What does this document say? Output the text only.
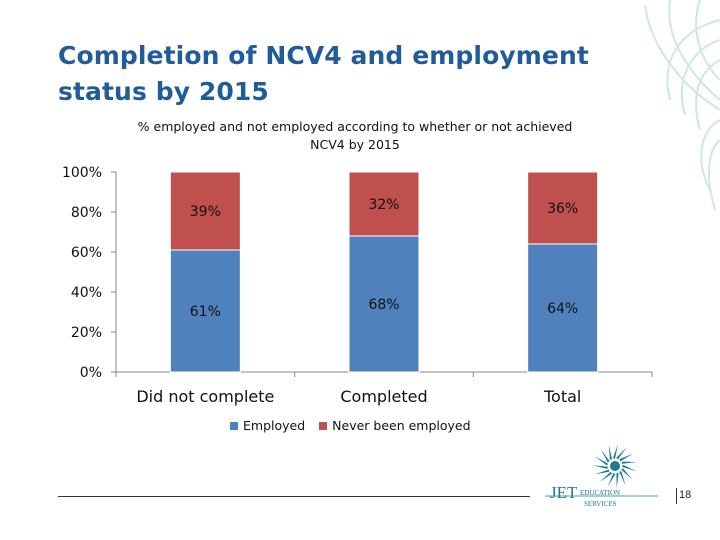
Completion of NCV4 and employment status by 2015
% employed and not employed according to whether or not achieved
NCV4 by 2015
0%
20%
40%
60%
80%
100%
61%
39%
Did not complete
68%
32%
Completed
64%
36%
Total
Employed Never been employed
JET EDUCATION
SERVICES
18
